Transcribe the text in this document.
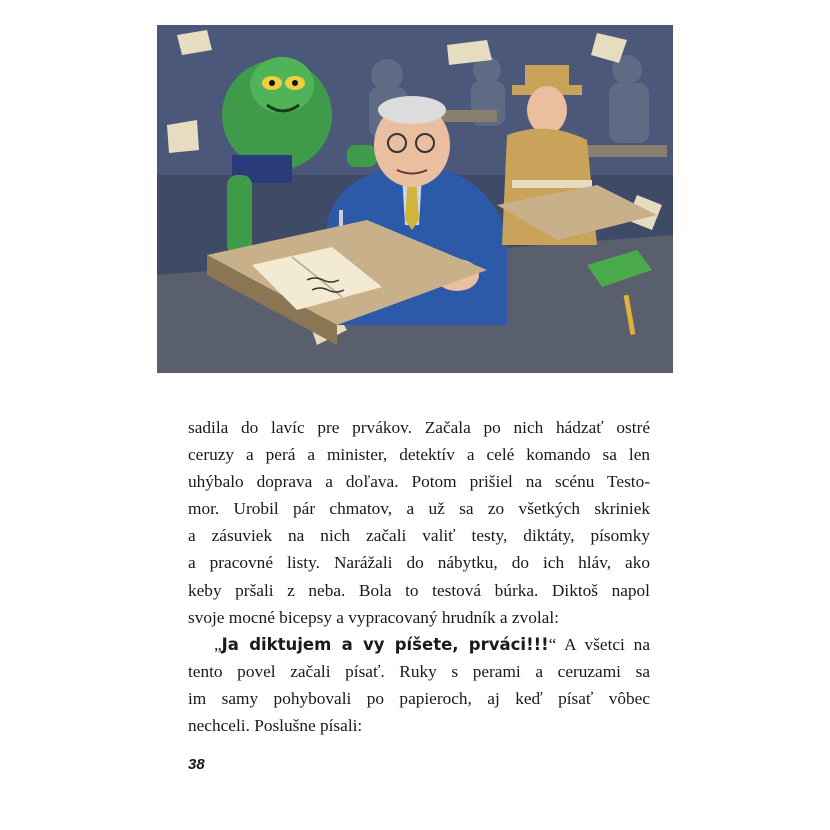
sadila do lavíc pre prvákov. Začala po nich hádzať ostré
ceruzy a perá a minister, detektív a celé komando sa len
uhýbalo doprava a doľava. Potom prišiel na scénu Testo-
mor. Urobil pár chmatov, a už sa zo všetkých skriniek
a zásuviek na nich začali valiť testy, diktáty, písomky
a pracovné listy. Narážali do nábytku, do ich hláv, ako
keby pršali z neba. Bola to testová búrka. Diktoš napol
svoje mocné bicepsy a vypracovaný hrudník a zvolal:
„Ja diktujem a vy píšete, prváci!!!“ A všetci na
tento povel začali písať. Ruky s perami a ceruzami sa
im samy pohybovali po papieroch, aj keď písať vôbec
nechceli. Poslušne písali:
38
